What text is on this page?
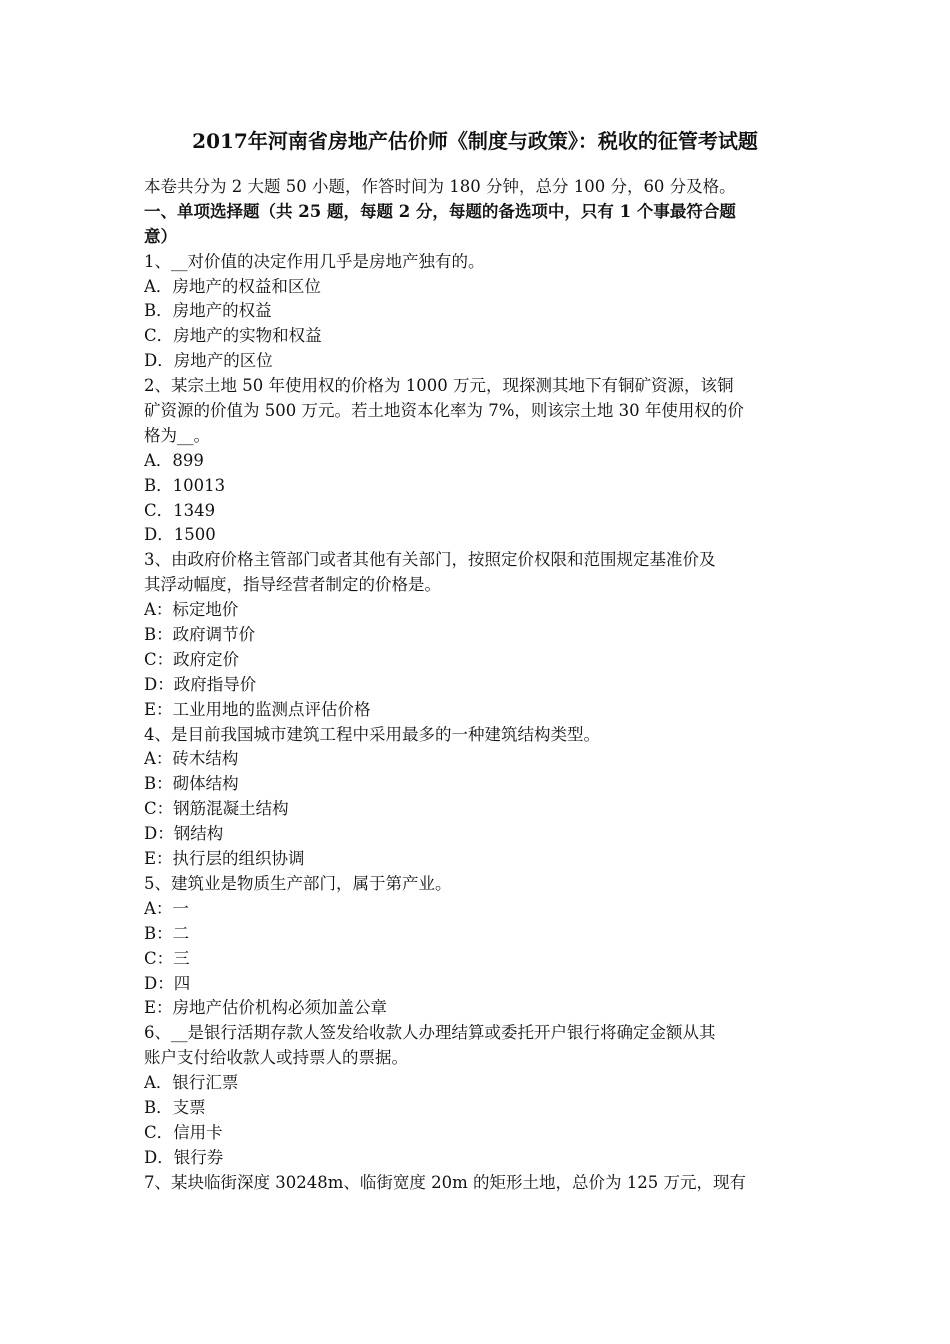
2017年河南省房地产估价师《制度与政策》：税收的征管考试题
本卷共分为 2 大题 50 小题，作答时间为 180 分钟，总分 100 分，60 分及格。
一、单项选择题（共 25 题，每题 2 分，每题的备选项中，只有 1 个事最符合题
意）
1、__对价值的决定作用几乎是房地产独有的。
A．房地产的权益和区位
B．房地产的权益
C．房地产的实物和权益
D．房地产的区位
2、某宗土地 50 年使用权的价格为 1000 万元，现探测其地下有铜矿资源，该铜
矿资源的价值为 500 万元。若土地资本化率为 7%，则该宗土地 30 年使用权的价
格为__。
A．899
B．10013
C．1349
D．1500
3、由政府价格主管部门或者其他有关部门，按照定价权限和范围规定基准价及
其浮动幅度，指导经营者制定的价格是。
A：标定地价
B：政府调节价
C：政府定价
D：政府指导价
E：工业用地的监测点评估价格
4、是目前我国城市建筑工程中采用最多的一种建筑结构类型。
A：砖木结构
B：砌体结构
C：钢筋混凝土结构
D：钢结构
E：执行层的组织协调
5、建筑业是物质生产部门，属于第产业。
A：一
B：二
C：三
D：四
E：房地产估价机构必须加盖公章
6、__是银行活期存款人签发给收款人办理结算或委托开户银行将确定金额从其
账户支付给收款人或持票人的票据。
A．银行汇票
B．支票
C．信用卡
D．银行券
7、某块临街深度 30248m、临街宽度 20m 的矩形土地，总价为 125 万元，现有
